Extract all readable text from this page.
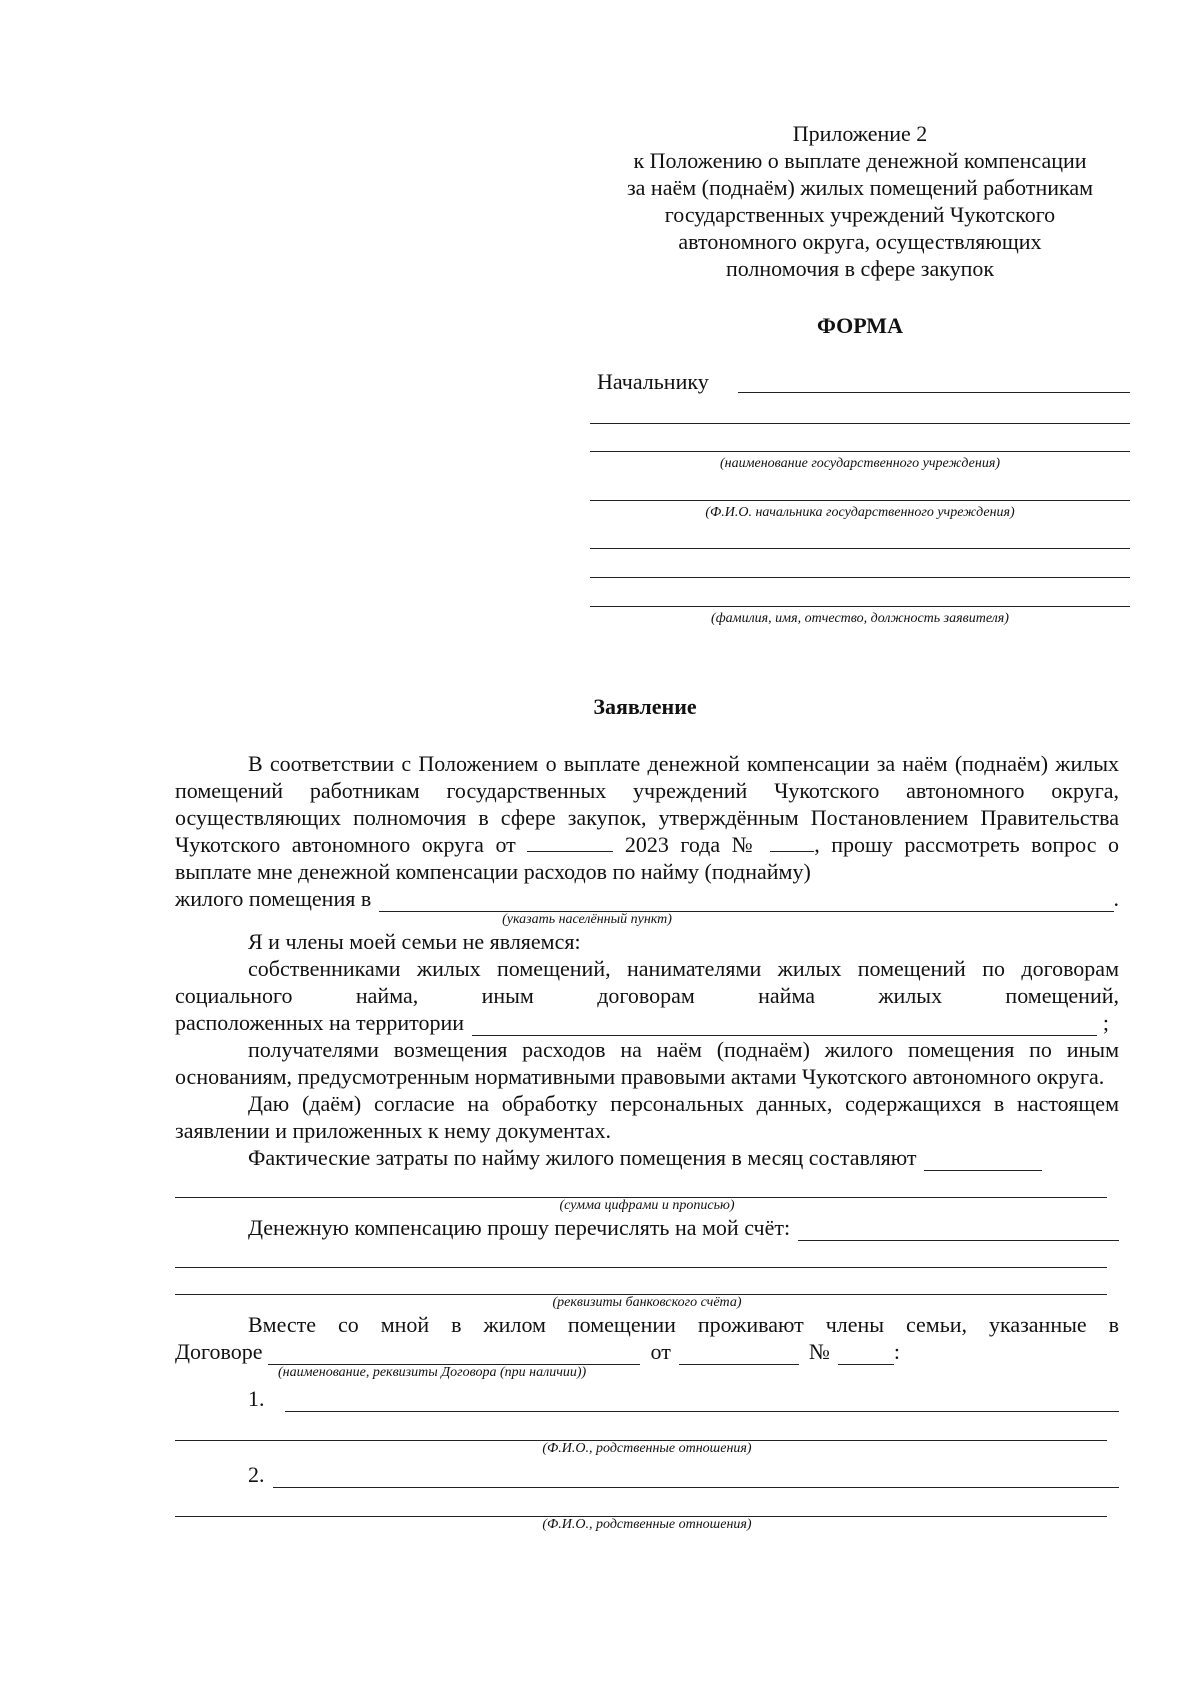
Приложение 2
к Положению о выплате денежной компенсации
за наём (поднаём) жилых помещений работникам
государственных учреждений Чукотского
автономного округа, осуществляющих
полномочия в сфере закупок
ФОРМА
Начальнику
(наименование государственного учреждения)
(Ф.И.О. начальника государственного учреждения)
(фамилия, имя, отчество, должность заявителя)
Заявление

В соответствии с Положением о выплате денежной компенсации за наём (поднаём) жилых помещений работникам государственных учреждений Чукотского автономного округа, осуществляющих полномочия в сфере закупок, утверждённым Постановлением Правительства Чукотского автономного округа от	2023 года №	, прошу рассмотреть вопрос о выплате мне денежной компенсации расходов по найму (поднайму)

жилого помещения в	.
(указать населённый пункт)

Я и члены моей семьи не являемся:

собственниками жилых помещений, нанимателями жилых помещений по договорам социального найма, иным договорам найма жилых помещений,

расположенных на территории	;

получателями возмещения расходов на наём (поднаём) жилого помещения по иным основаниям, предусмотренным нормативными правовыми актами Чукотского автономного округа.

Даю (даём) согласие на обработку персональных данных, содержащихся в настоящем заявлении и приложенных к нему документах.

Фактические затраты по найму жилого помещения в месяц составляют
(сумма цифрами и прописью)
Денежную компенсацию прошу перечислять на мой счёт:
(реквизиты банковского счёта)

Вместе со мной в жилом помещении проживают члены семьи, указанные в

Договоре	от	№	:
(наименование, реквизиты Договора (при наличии))
1.
(Ф.И.О., родственные отношения)
2.
(Ф.И.О., родственные отношения)
